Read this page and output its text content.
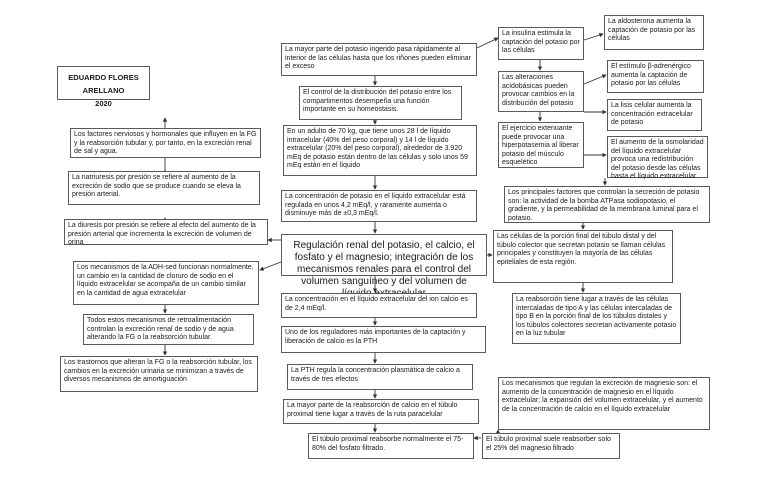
EDUARDO FLORES ARELLANO
2020
La mayor parte del potasio ingerido pasa rápidamente al interior de las células hasta que los riñones pueden eliminar el exceso
El control de la distribución del potasio entre los compartimentos desempeña una función importante en su homeostasis.
En un adulto de 70 kg, que tiene unos 28 l de líquido intracelular (40% del peso corporal) y 14 l de líquido extracelular (20% del peso corporal), alrededor de 3.920 mEq de potasio están dentro de las células y solo unos 59 mEq están en el líquido
La concentración de potasio en el líquido extracelular está regulada en unos 4,2 mEq/l, y raramente aumenta o disminuye más de ±0,3 mEq/l.
Regulación renal del potasio, el calcio, el fosfato y el magnesio; integración de los mecanismos renales para el control del volumen sanguíneo y del volumen de
La concentración en el líquido extracelular del ion calcio es de 2,4 mEq/l.
Uno de los reguladores más importantes de la captación y liberación de calcio es la PTH
La PTH regula la concentración plasmática de calcio a través de tres efectos
La mayor parte de la reabsorción de calcio en el túbulo proximal tiene lugar a través de la ruta paracelular
El túbulo proximal reabsorbe normalmente el 75-80% del fosfato filtrado.
Los factores nerviosos y hormonales que influyen en la FG y la reabsorción tubular y, por tanto, en la excreción renal de sal y agua.
La natriuresis por presión se refiere al aumento de la excreción de sodio que se produce cuando se eleva la presión arterial.
La diuresis por presión se refiere al efecto del aumento de la presión arterial que incrementa la excreción de volumen de orina
Los mecanismos de la ADH-sed funcionan normalmente, un cambio en la cantidad de cloruro de sodio en el líquido extracelular se acompaña de un cambio similar en la cantidad de agua extracelular
Todos estos mecanismos de retroalimentación controlan la excreción renal de sodio y de agua alterando la FG o la reabsorción tubular.
Los trastornos que alteran la FG o la reabsorción tubular, los cambios en la excreción urinaria se minimizan a través de diversos mecanismos de amortiguación
La insulina estimula la captación del potasio por las células
La aldosterona aumenta la captación de potasio por las células
Las alteraciones acidobásicas pueden provocar cambios en la distribución del potasio
El estímulo β-adrenérgico aumenta la captación de potasio por las células
La lisis celular aumenta la concentración extracelular de potasio
El ejercicio extenuante puede provocar una hiperpotasemia al liberar potasio del músculo esquelético
El aumento de la osmolaridad del líquido extracelular provoca una redistribución del potasio desde las células hasta el líquido extracelular
Los principales factores que controlan la secreción de potasio son: la actividad de la bomba ATPasa sodiopotasio, el gradiente, y la permeabilidad de la membrana luminal para el potasio.
Las células de la porción final del túbulo distal y del túbulo colector que secretan potasio se llaman células principales y constituyen la mayoría de las células epiteliales de esta región.
La reabsorción tiene lugar a través de las células intercaladas de tipo A y las células intercaladas de tipo B en la porción final de los túbulos distales y los túbulos colectores secretan activamente potasio en la luz tubular
Los mecanismos que regulan la excreción de magnesio son: el aumento de la concentración de magnesio en el líquido extracelular; la expansión del volumen extracelular, y el aumento de la concentración de calcio en el líquido extracelular
El túbulo proximal suele reabsorber solo el 25% del magnesio filtrado
